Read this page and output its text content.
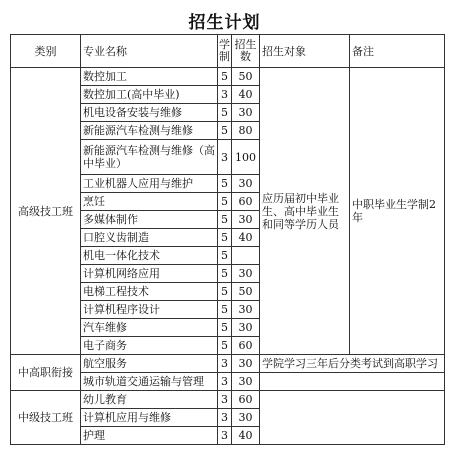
招生计划
类别	专业名称	学制	招生数	招生对象	备注
高级技工班	数控加工	5	50	应历届初中毕业生、高中毕业生和同等学历人员	中职毕业生学制2年
	数控加工(高中毕业)	3	40		
	机电设备安装与维修	5	30		
	新能源汽车检测与维修	5	80		
	新能源汽车检测与维修（高中毕业）	3	100		
	工业机器人应用与维护	5	30		
	烹饪	5	60		
	多媒体制作	5	30		
	口腔义齿制造	5	40		
	机电一体化技术	5			
	计算机网络应用	5	30		
	电梯工程技术	5	50		
	计算机程序设计	5	30		
	汽车维修	5	30		
	电子商务	5	60		
中高职衔接	航空服务	3	30	学院学习三年后分类考试到高职学习	
	城市轨道交通运输与管理	3	30		
中级技工班	幼儿教育	3	60		
	计算机应用与维修	3	30		
	护理	3	40		
